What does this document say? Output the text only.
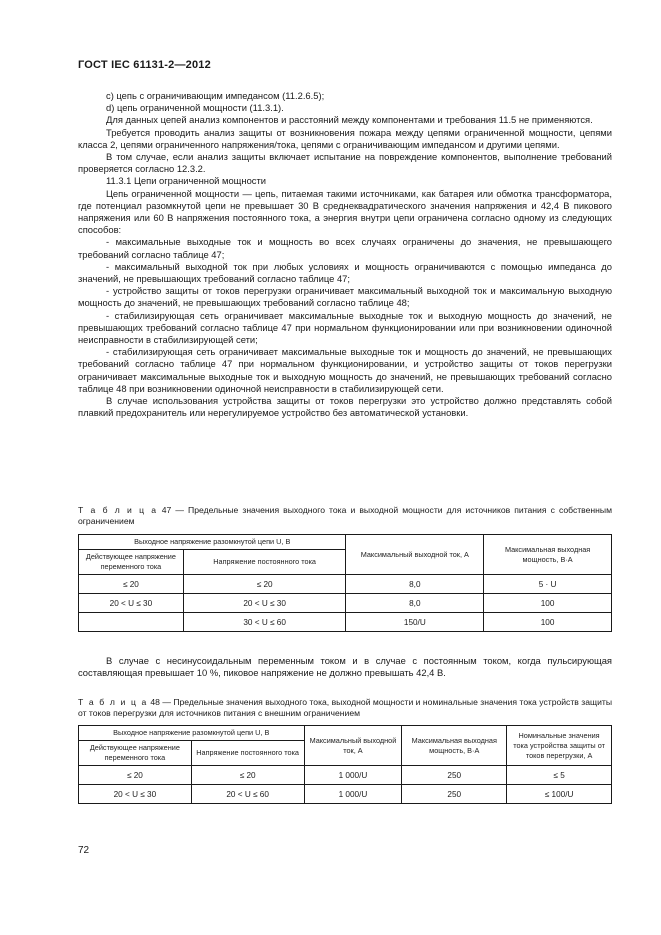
ГОСТ IEC 61131-2—2012

с) цепь с ограничивающим импедансом (11.2.6.5);

d) цепь ограниченной мощности (11.3.1).

Для данных цепей анализ компонентов и расстояний между компонентами и требования 11.5 не применяются.

Требуется проводить анализ защиты от возникновения пожара между цепями ограниченной мощности, цепями класса 2, цепями ограниченного напряжения/тока, цепями с ограничивающим импедансом и другими цепями.

В том случае, если анализ защиты включает испытание на повреждение компонентов, выполнение требований проверяется согласно 12.3.2.

11.3.1 Цепи ограниченной мощности

Цепь ограниченной мощности — цепь, питаемая такими источниками, как батарея или обмотка трансформатора, где потенциал разомкнутой цепи не превышает 30 В среднеквадратического значения напряжения и 42,4 В пикового напряжения или 60 В напряжения постоянного тока, а энергия внутри цепи ограничена согласно одному из следующих способов:

- максимальные выходные ток и мощность во всех случаях ограничены до значения, не превышающего требований согласно таблице 47;

- максимальный выходной ток при любых условиях и мощность ограничиваются с помощью импеданса до значений, не превышающих требований согласно таблице 47;

- устройство защиты от токов перегрузки ограничивает максимальный выходной ток и максимальную выходную мощность до значений, не превышающих требований согласно таблице 48;

- стабилизирующая сеть ограничивает максимальные выходные ток и выходную мощность до значений, не превышающих требований согласно таблице 47 при нормальном функционировании или при возникновении одиночной неисправности в стабилизирующей сети;

- стабилизирующая сеть ограничивает максимальные выходные ток и мощность до значений, не превышающих требований согласно таблице 47 при нормальном функционировании, и устройство защиты от токов перегрузки ограничивает максимальные выходные ток и выходную мощность до значений, не превышающих требований согласно таблице 48 при возникновении одиночной неисправности в стабилизирующей сети.

В случае использования устройства защиты от токов перегрузки это устройство должно представлять собой плавкий предохранитель или нерегулируемое устройство без автоматической установки.

Т а б л и ц а 47 — Предельные значения выходного тока и выходной мощности для источников питания с собственным ограничением
Выходное напряжение разомкнутой цепи U, В		Максимальный выходной ток, А	Максимальная выходная мощность, В·А
Действующее напряжение переменного тока	Напряжение постоянного тока		
≤ 20	≤ 20	8,0	5 · U
20 < U ≤ 30	20 < U ≤ 30	8,0	100
	30 < U ≤ 60	150/U	100

В случае с несинусоидальным переменным током и в случае с постоянным током, когда пульсирующая составляющая превышает 10 %, пиковое напряжение не должно превышать 42,4 В.

Т а б л и ц а 48 — Предельные значения выходного тока, выходной мощности и номинальные значения тока устройств защиты от токов перегрузки для источников питания с внешним ограничением
Выходное напряжение разомкнутой цепи U, В		Максимальный выходной ток, А	Максимальная выходная мощность, В·А	Номинальные значения тока устройства защиты от токов перегрузки, А
Действующее напряжение переменного тока	Напряжение постоянного тока			
≤ 20	≤ 20	1 000/U	250	≤ 5
20 < U ≤ 30	20 < U ≤ 60	1 000/U	250	≤ 100/U
72
